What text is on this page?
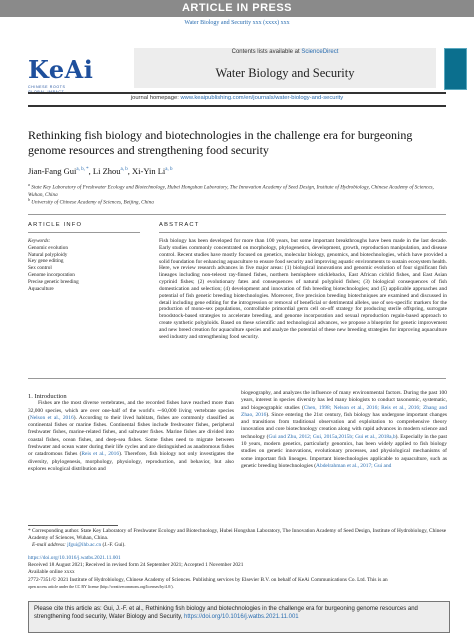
ARTICLE IN PRESS
Water Biology and Security xxx (xxxx) xxx
KeAi
CHINESE ROOTS
Contents lists available at ScienceDirect
Water Biology and Security
journal homepage: www.keaipublishing.com/en/journals/water-biology-and-security
Rethinking fish biology and biotechnologies in the challenge era for burgeoning genome resources and strengthening food security
Jian-Fang Gui$^{a, b, *}$, Li Zhou$^{a, b}$, Xi-Yin Li$^{a, b}$
$^a$ State Key Laboratory of Freshwater Ecology and Biotechnology, Hubei Hongshan Laboratory, The Innovation Academy of Seed Design, Institute of Hydrobiology, Chinese Academy of Sciences, Wuhan, China
$^b$ University of Chinese Academy of Sciences, Beijing, China
ARTICLE INFO	ABSTRACT
Keywords:
Genomic evolution
Natural polyploidy
Key gene editing
Sex control
Genome incorporation
Precise genetic breeding
Aquaculture
Fish biology has been developed for more than 100 years, but some important breakthroughs have been made in the last decade. Early studies commonly concentrated on morphology, phylogenetics, development, growth, reproduction manipulation, and disease control. Recent studies have mostly focused on genetics, molecular biology, genomics, and biotechnologies, which have provided a solid foundation for enhancing aquaculture to ensure food security and improving aquatic environments to sustain ecosystem health. Here, we review research advances in five major areas: (1) biological innovations and genomic evolution of four significant fish lineages including non-teleost ray-finned fishes, northern hemisphere sticklebacks, East African cichlid fishes, and East Asian cyprinid fishes; (2) evolutionary fates and consequences of natural polyploid fishes; (3) biological consequences of fish domestication and selection; (4) development and innovation of fish breeding biotechnologies; and (5) applicable approaches and potential of fish genetic breeding biotechnologies. Moreover, five precision breeding biotechniques are examined and discussed in detail including gene editing for the introgression or removal of beneficial or detrimental alleles, use of sex-specific markers for the production of mono-sex populations, controllable primordial germ cell on-off strategy for producing sterile offspring, surrogate broodstock-based strategies to accelerate breeding, and genome incorporation and sexual reproduction regain-based approach to create synthetic polyploids. Based on these scientific and technological advances, we propose a blueprint for genetic improvement and new breed creation for aquaculture species and analyze the potential of these new breeding strategies for improving aquaculture seed industry and strengthening food security.

1. Introduction

Fishes are the most diverse vertebrates, and the recorded fishes have reached more than 32,000 species, which are over one-half of the world's ∼60,000 living vertebrate species (Nelson et al., 2016). According to their lived habitats, fishes are commonly classified as continental fishes or marine fishes. Continental fishes include freshwater fishes, peripheral freshwater fishes, marine-related fishes, and saltwater fishes. Marine fishes are divided into coastal fishes, ocean fishes, and deep-sea fishes. Some fishes need to migrate between freshwater and ocean water during their life cycles and are distinguished as anadromous fishes or catadromous fishes (Reis et al., 2016). Therefore, fish biology not only investigates the diversity, phylogenesis, morphology, physiology, reproduction, and behavior, but also explores ecological distribution and

biogeography, and analyzes the influence of many environmental factors. During the past 100 years, interest in species diversity has led many biologists to conduct taxonomic, systematic, and biogeographic studies (Chen, 1998; Nelson et al., 2016; Reis et al., 2016; Zhang and Zhao, 2016). Since entering the 21st century, fish biology has undergone important changes and transitions from traditional observation and exploitation to comprehensive theory innovation and core biotechnology creation along with rapid advances in modern science and technology (Gui and Zhu, 2012; Gui, 2015a,2015b; Gui et al., 2018a,b). Especially in the past 10 years, modern genetics, particularly genomics, has been widely applied to fish biology studies on genetic innovations, evolutionary processes, and physiological mechanisms of some important fish lineages. Important biotechnologies applicable to aquaculture, such as genetic breeding biotechnologies (Abdelrahman et al., 2017; Gui and

* Corresponding author. State Key Laboratory of Freshwater Ecology and Biotechnology, Hubei Hongshan Laboratory, The Innovation Academy of Seed Design, Institute of Hydrobiology, Chinese Academy of Sciences, Wuhan, China.
E-mail address: jfgui@ihb.ac.cn (J.-F. Gui).
https://doi.org/10.1016/j.watbs.2021.11.001
Received 18 August 2021; Received in revised form 24 September 2021; Accepted 1 November 2021
Available online xxxx
2772-7351/© 2021 Institute of Hydrobiology, Chinese Academy of Sciences. Publishing services by Elsevier B.V. on behalf of KeAi Communications Co. Ltd. This is an
open access article under the CC BY license (http://creativecommons.org/licenses/by/4.0/).
Please cite this article as: Gui, J.-F. et al., Rethinking fish biology and biotechnologies in the challenge era for burgeoning genome resources and strengthening food security, Water Biology and Security, https://doi.org/10.1016/j.watbs.2021.11.001
